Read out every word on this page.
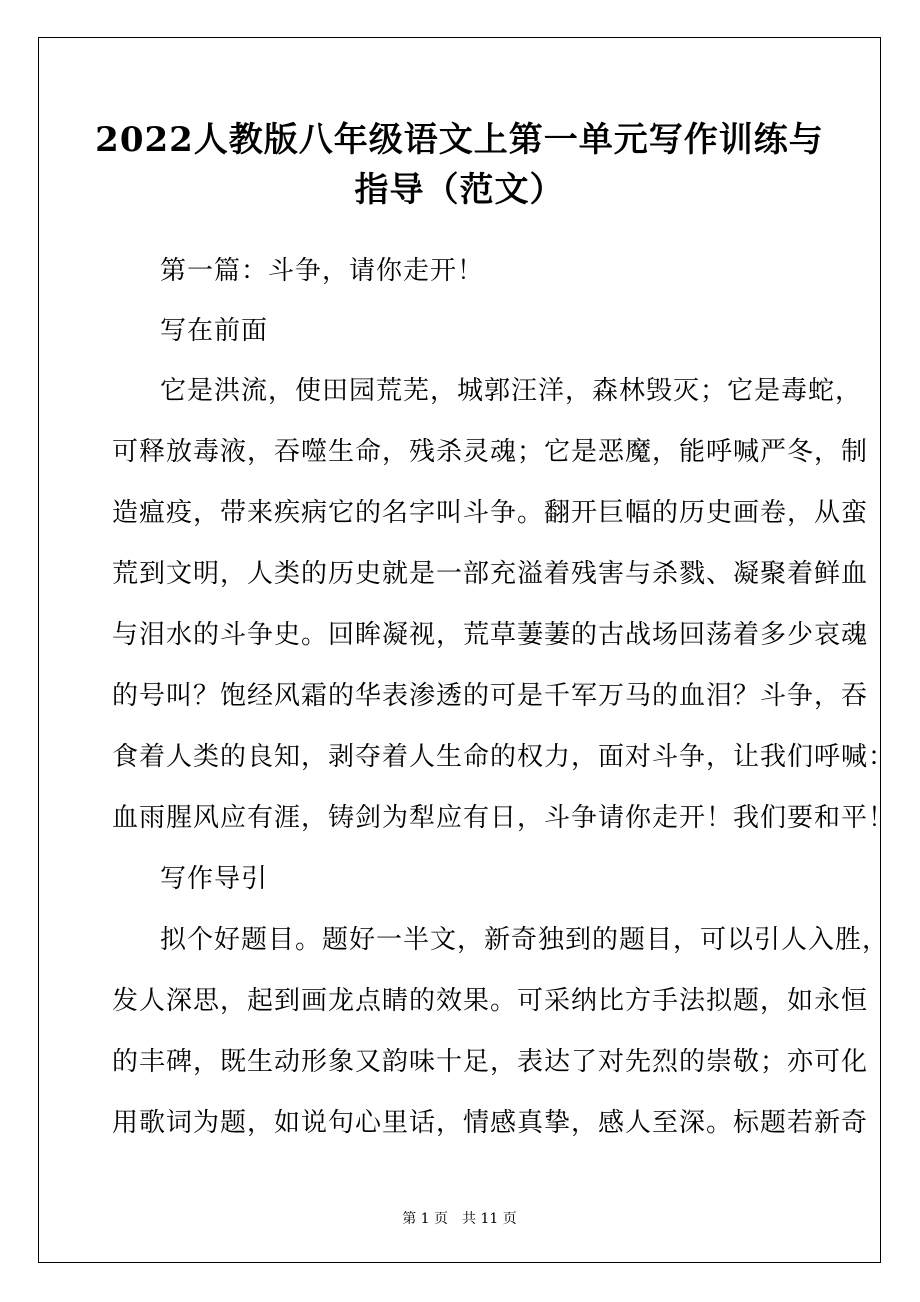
2022人教版八年级语文上第一单元写作训练与
指导（范文）

第一篇：斗争，请你走开！

写在前面

它是洪流，使田园荒芜，城郭汪洋，森林毁灭；它是毒蛇，

可释放毒液，吞噬生命，残杀灵魂；它是恶魔，能呼喊严冬，制

造瘟疫，带来疾病它的名字叫斗争。翻开巨幅的历史画卷，从蛮

荒到文明，人类的历史就是一部充溢着残害与杀戮、凝聚着鲜血

与泪水的斗争史。回眸凝视，荒草萋萋的古战场回荡着多少哀魂

的号叫？饱经风霜的华表渗透的可是千军万马的血泪？斗争，吞

食着人类的良知，剥夺着人生命的权力，面对斗争，让我们呼喊：

血雨腥风应有涯，铸剑为犁应有日，斗争请你走开！我们要和平！

写作导引

拟个好题目。题好一半文，新奇独到的题目，可以引人入胜，

发人深思，起到画龙点睛的效果。可采纳比方手法拟题，如永恒

的丰碑，既生动形象又韵味十足，表达了对先烈的崇敬；亦可化

用歌词为题，如说句心里话，情感真挚，感人至深。标题若新奇

第 1 页　共 11 页
